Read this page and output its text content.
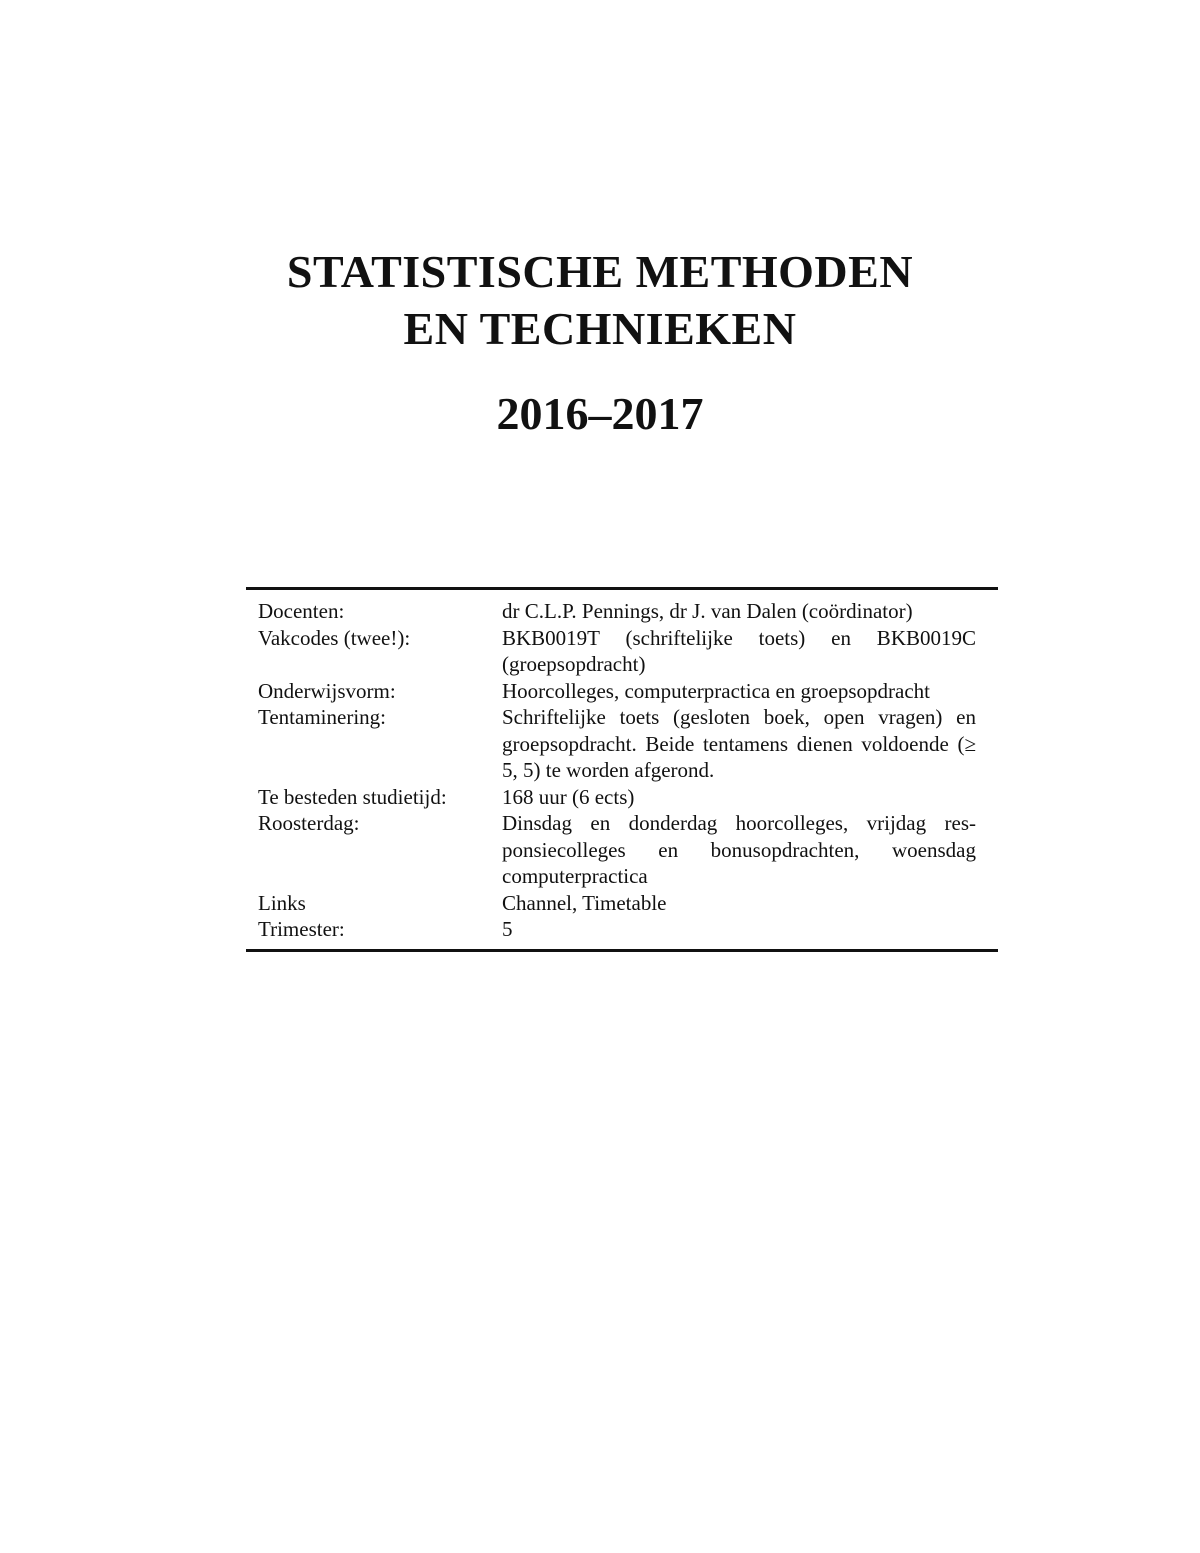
STATISTISCHE METHODEN
EN TECHNIEKEN
2016–2017
Docenten:	dr C.L.P. Pennings, dr J. van Dalen (coördinator)
Vakcodes (twee!):	BKB0019T (schriftelijke toets) en BKB0019C (groepsopdracht)
Onderwijsvorm:	Hoorcolleges, computerpractica en groepsopdracht
Tentaminering:	Schriftelijke toets (gesloten boek, open vragen) en groepsopdracht. Beide tentamens dienen voldoende (≥ 5, 5) te worden afgerond.
Te besteden studietijd:	168 uur (6 ects)
Roosterdag:	Dinsdag en donderdag hoorcolleges, vrijdag responsiecolleges en bonusopdrachten, woensdag computerpractica
Links	Channel, Timetable
Trimester:	5
